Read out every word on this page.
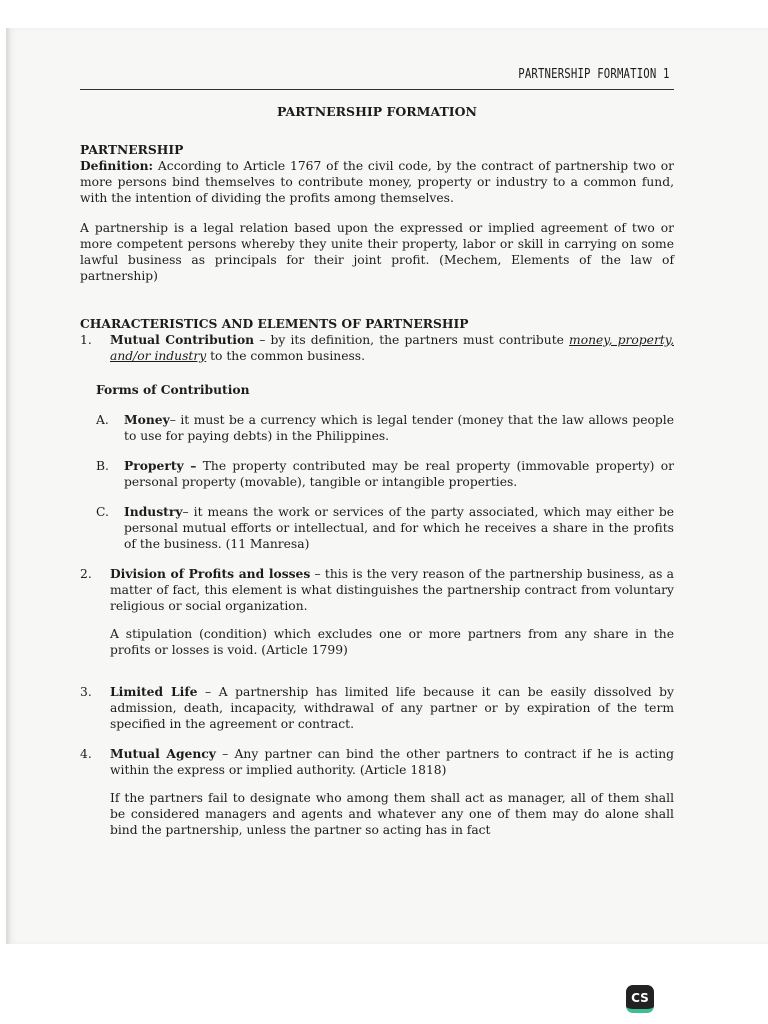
PARTNERSHIP FORMATION 1

PARTNERSHIP FORMATION

PARTNERSHIP

Definition: According to Article 1767 of the civil code, by the contract of partnership two or more persons bind themselves to contribute money, property or industry to a common fund, with the intention of dividing the profits among themselves.

A partnership is a legal relation based upon the expressed or implied agreement of two or more competent persons whereby they unite their property, labor or skill in carrying on some lawful business as principals for their joint profit. (Mechem, Elements of the law of partnership)

CHARACTERISTICS AND ELEMENTS OF PARTNERSHIP

1. Mutual Contribution – by its definition, the partners must contribute money, property, and/or industry to the common business.

Forms of Contribution

A. Money– it must be a currency which is legal tender (money that the law allows people to use for paying debts) in the Philippines.
B. Property – The property contributed may be real property (immovable property) or personal property (movable), tangible or intangible properties.
C. Industry– it means the work or services of the party associated, which may either be personal mutual efforts or intellectual, and for which he receives a share in the profits of the business. (11 Manresa)
2. Division of Profits and losses – this is the very reason of the partnership business, as a matter of fact, this element is what distinguishes the partnership contract from voluntary religious or social organization.

A stipulation (condition) which excludes one or more partners from any share in the profits or losses is void. (Article 1799)

3. Limited Life – A partnership has limited life because it can be easily dissolved by admission, death, incapacity, withdrawal of any partner or by expiration of the term specified in the agreement or contract.
4. Mutual Agency – Any partner can bind the other partners to contract if he is acting within the express or implied authority. (Article 1818)

If the partners fail to designate who among them shall act as manager, all of them shall be considered managers and agents and whatever any one of them may do alone shall bind the partnership, unless the partner so acting has in fact

CS
